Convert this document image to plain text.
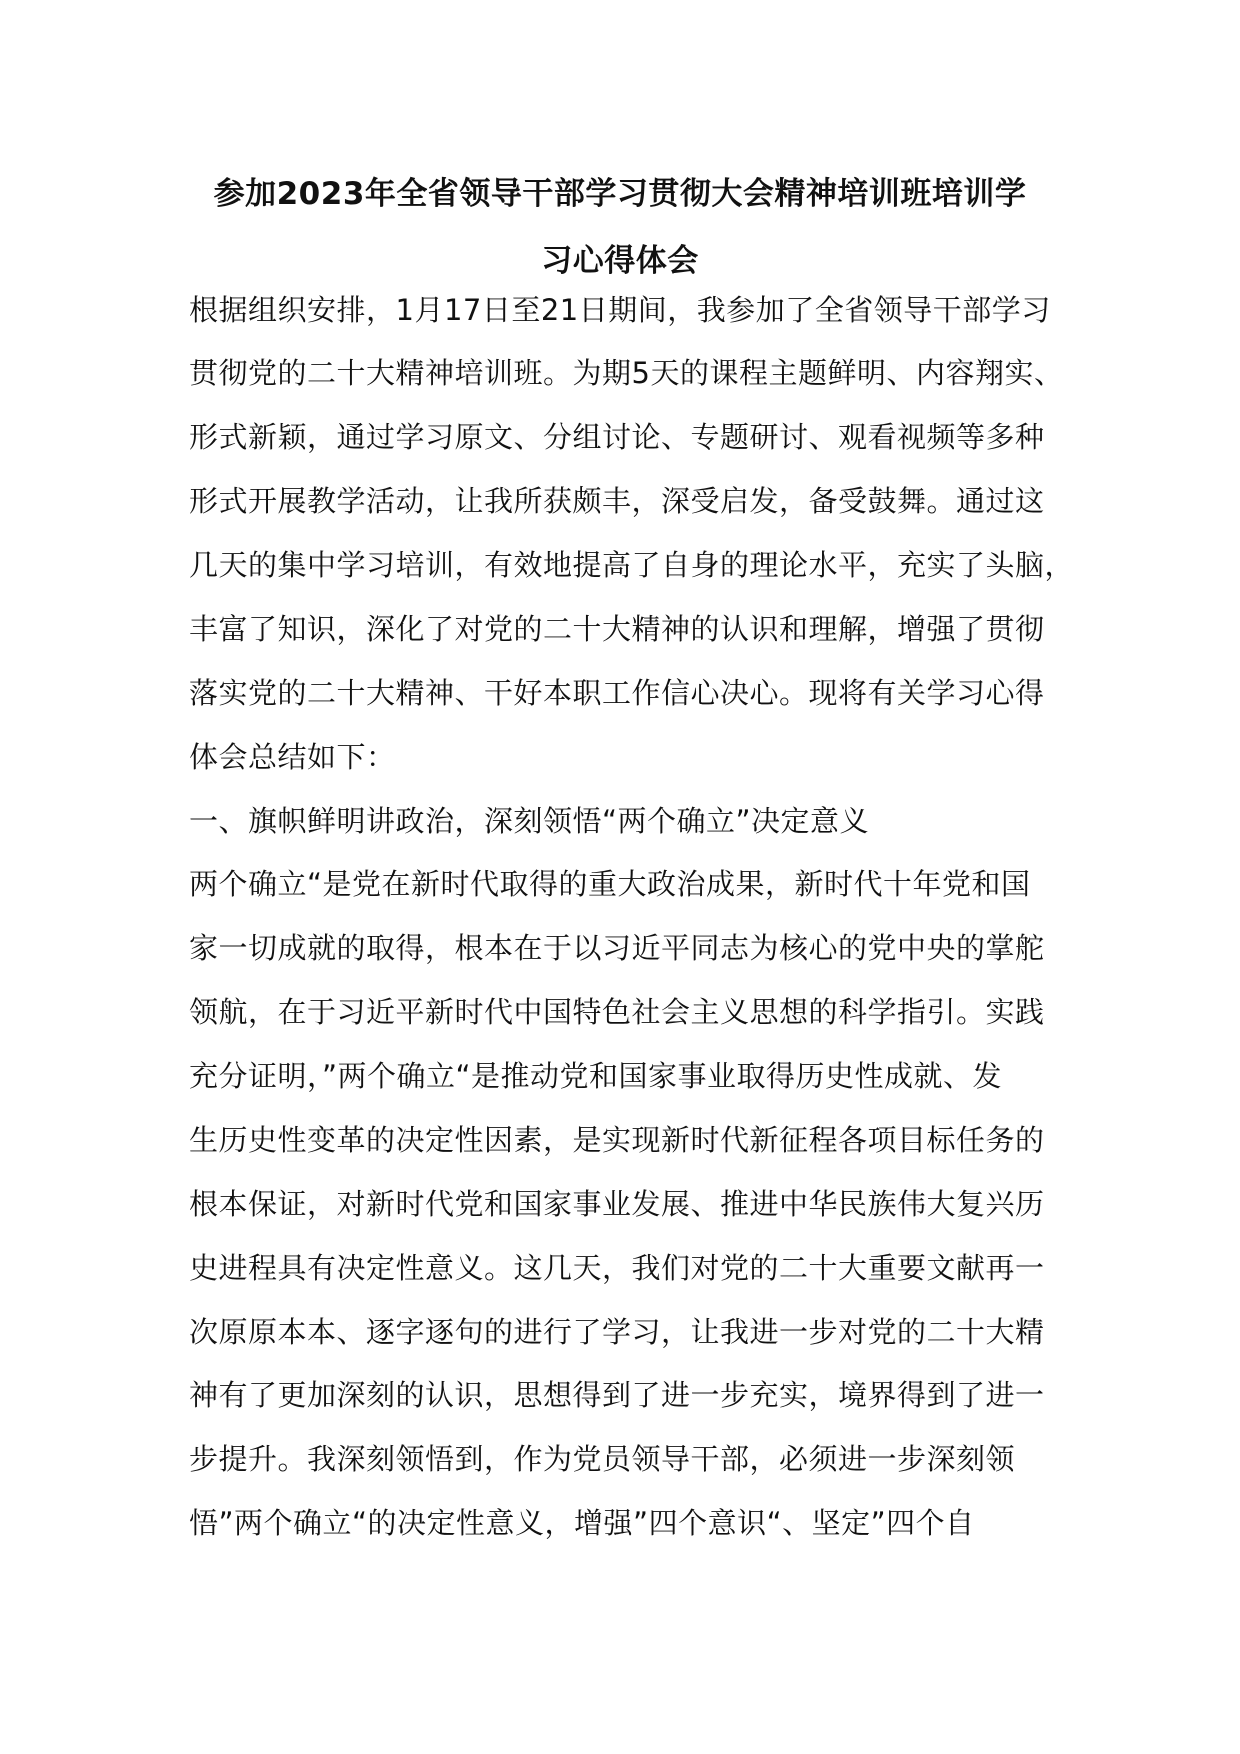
参加2023年全省领导干部学习贯彻大会精神培训班培训学
习心得体会
根据组织安排，1月17日至21日期间，我参加了全省领导干部学习
贯彻党的二十大精神培训班。为期5天的课程主题鲜明、内容翔实、
形式新颖，通过学习原文、分组讨论、专题研讨、观看视频等多种
形式开展教学活动，让我所获颇丰，深受启发，备受鼓舞。通过这
几天的集中学习培训，有效地提高了自身的理论水平，充实了头脑，
丰富了知识，深化了对党的二十大精神的认识和理解，增强了贯彻
落实党的二十大精神、干好本职工作信心决心。现将有关学习心得
体会总结如下：
一、旗帜鲜明讲政治，深刻领悟“两个确立”决定意义
两个确立“是党在新时代取得的重大政治成果，新时代十年党和国
家一切成就的取得，根本在于以习近平同志为核心的党中央的掌舵
领航，在于习近平新时代中国特色社会主义思想的科学指引。实践
充分证明，”两个确立“是推动党和国家事业取得历史性成就、发
生历史性变革的决定性因素，是实现新时代新征程各项目标任务的
根本保证，对新时代党和国家事业发展、推进中华民族伟大复兴历
史进程具有决定性意义。这几天，我们对党的二十大重要文献再一
次原原本本、逐字逐句的进行了学习，让我进一步对党的二十大精
神有了更加深刻的认识，思想得到了进一步充实，境界得到了进一
步提升。我深刻领悟到，作为党员领导干部，必须进一步深刻领
悟”两个确立“的决定性意义，增强”四个意识“、坚定”四个自
